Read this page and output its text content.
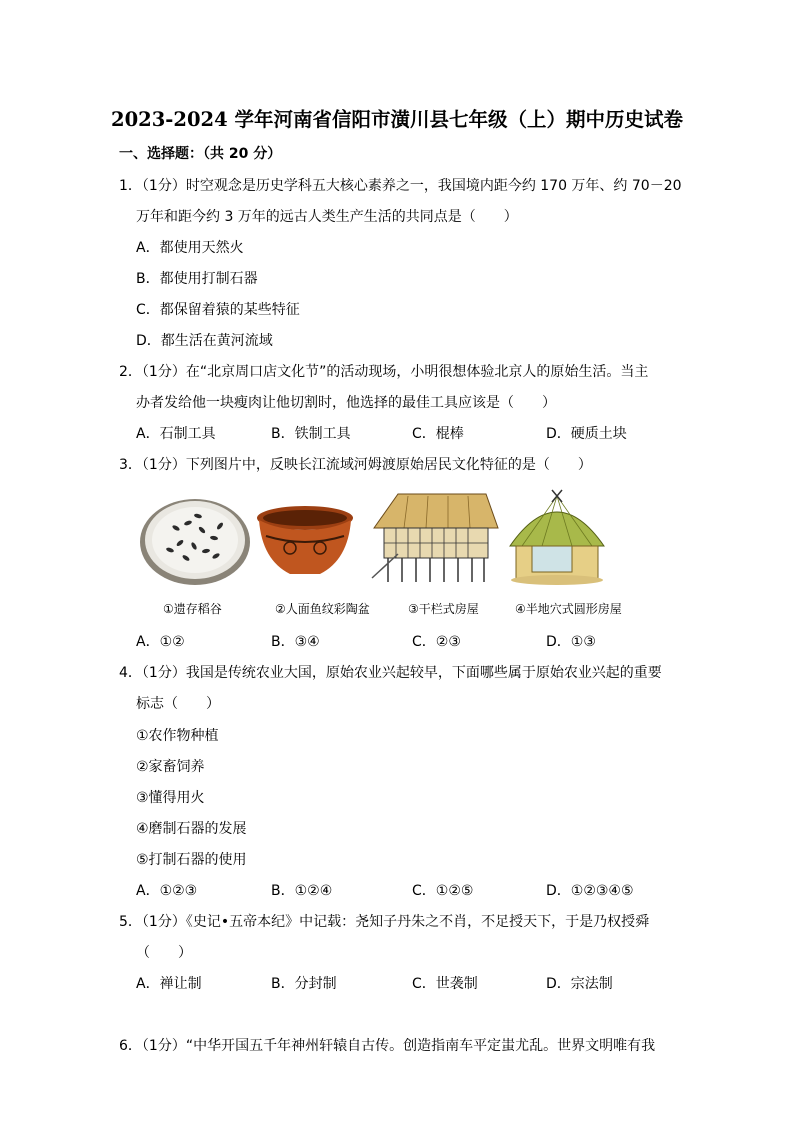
2023-2024 学年河南省信阳市潢川县七年级（上）期中历史试卷
一、选择题：（共 20 分）
1．（1分）时空观念是历史学科五大核心素养之一，我国境内距今约 170 万年、约 70－20
万年和距今约 3 万年的远古人类生产生活的共同点是（　　）
A．都使用天然火
B．都使用打制石器
C．都保留着猿的某些特征
D．都生活在黄河流域
2．（1分）在“北京周口店文化节”的活动现场，小明很想体验北京人的原始生活。当主
办者发给他一块瘦肉让他切割时，他选择的最佳工具应该是（　　）
A．石制工具	B．铁制工具	C．棍棒	D．硬质土块
3．（1分）下列图片中，反映长江流域河姆渡原始居民文化特征的是（　　）
①遗存稻谷	②人面鱼纹彩陶盆	③干栏式房屋	④半地穴式圆形房屋
A．①②	B．③④	C．②③	D．①③
4．（1分）我国是传统农业大国，原始农业兴起较早，下面哪些属于原始农业兴起的重要
标志（　　）
①农作物种植
②家畜饲养
③懂得用火
④磨制石器的发展
⑤打制石器的使用
A．①②③	B．①②④	C．①②⑤	D．①②③④⑤
5．（1分）《史记•五帝本纪》中记载：尧知子丹朱之不肖，不足授天下，于是乃权授舜
（　　）
A．禅让制	B．分封制	C．世袭制	D．宗法制
6．（1分）“中华开国五千年神州轩辕自古传。创造指南车平定蚩尤乱。世界文明唯有我
